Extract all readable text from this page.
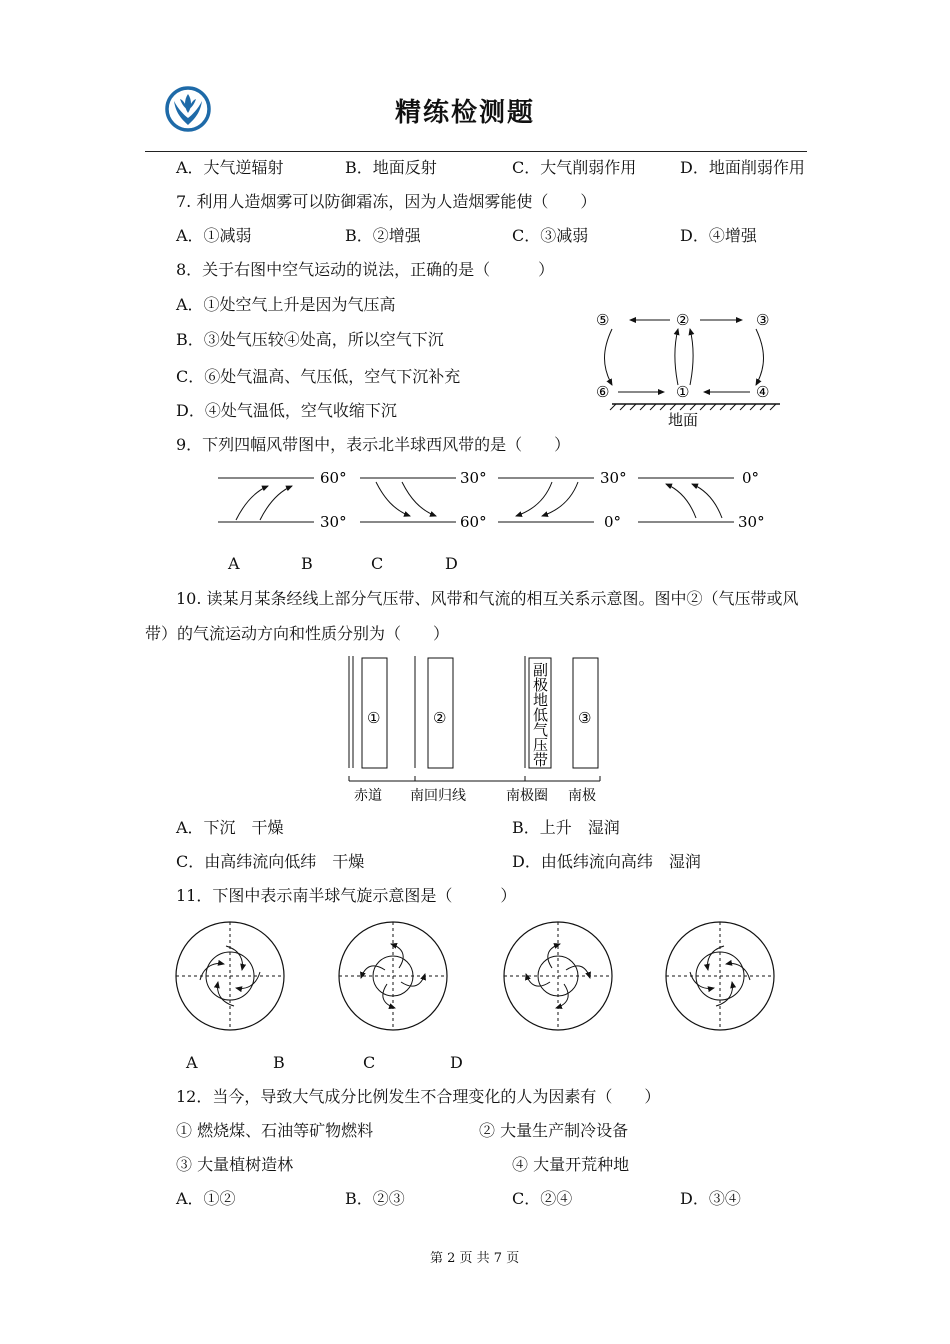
精练检测题
A．大气逆辐射	B．地面反射	C．大气削弱作用	D．地面削弱作用
7. 利用人造烟雾可以防御霜冻，因为人造烟雾能使（　　）
A．①减弱	B．②增强	C．③减弱	D．④增强
8．关于右图中空气运动的说法，正确的是（　　　）
A．①处空气上升是因为气压高
B．③处气压较④处高，所以空气下沉
C．⑥处气温高、气压低，空气下沉补充
D．④处气温低，空气收缩下沉
⑤	②	③
⑥	①	④
地面
9．下列四幅风带图中，表示北半球西风带的是（　　）
60°
30°
30°
60°
30°
0°
0°
30°
A	B	C	D
10. 读某月某条经线上部分气压带、风带和气流的相互关系示意图。图中②（气压带或风
带）的气流运动方向和性质分别为（　　）
①	②	③
副极地低气压带
赤道 南回归线	南极圈 南极
A．下沉　干燥	B．上升　湿润
C．由高纬流向低纬　干燥	D．由低纬流向高纬　湿润
11．下图中表示南半球气旋示意图是（　　　）
A	B	C	D
12．当今，导致大气成分比例发生不合理变化的人为因素有（　　）
① 燃烧煤、石油等矿物燃料	② 大量生产制冷设备
③ 大量植树造林	④ 大量开荒种地
A．①②	B．②③	C．②④	D．③④
第 2 页 共 7 页
